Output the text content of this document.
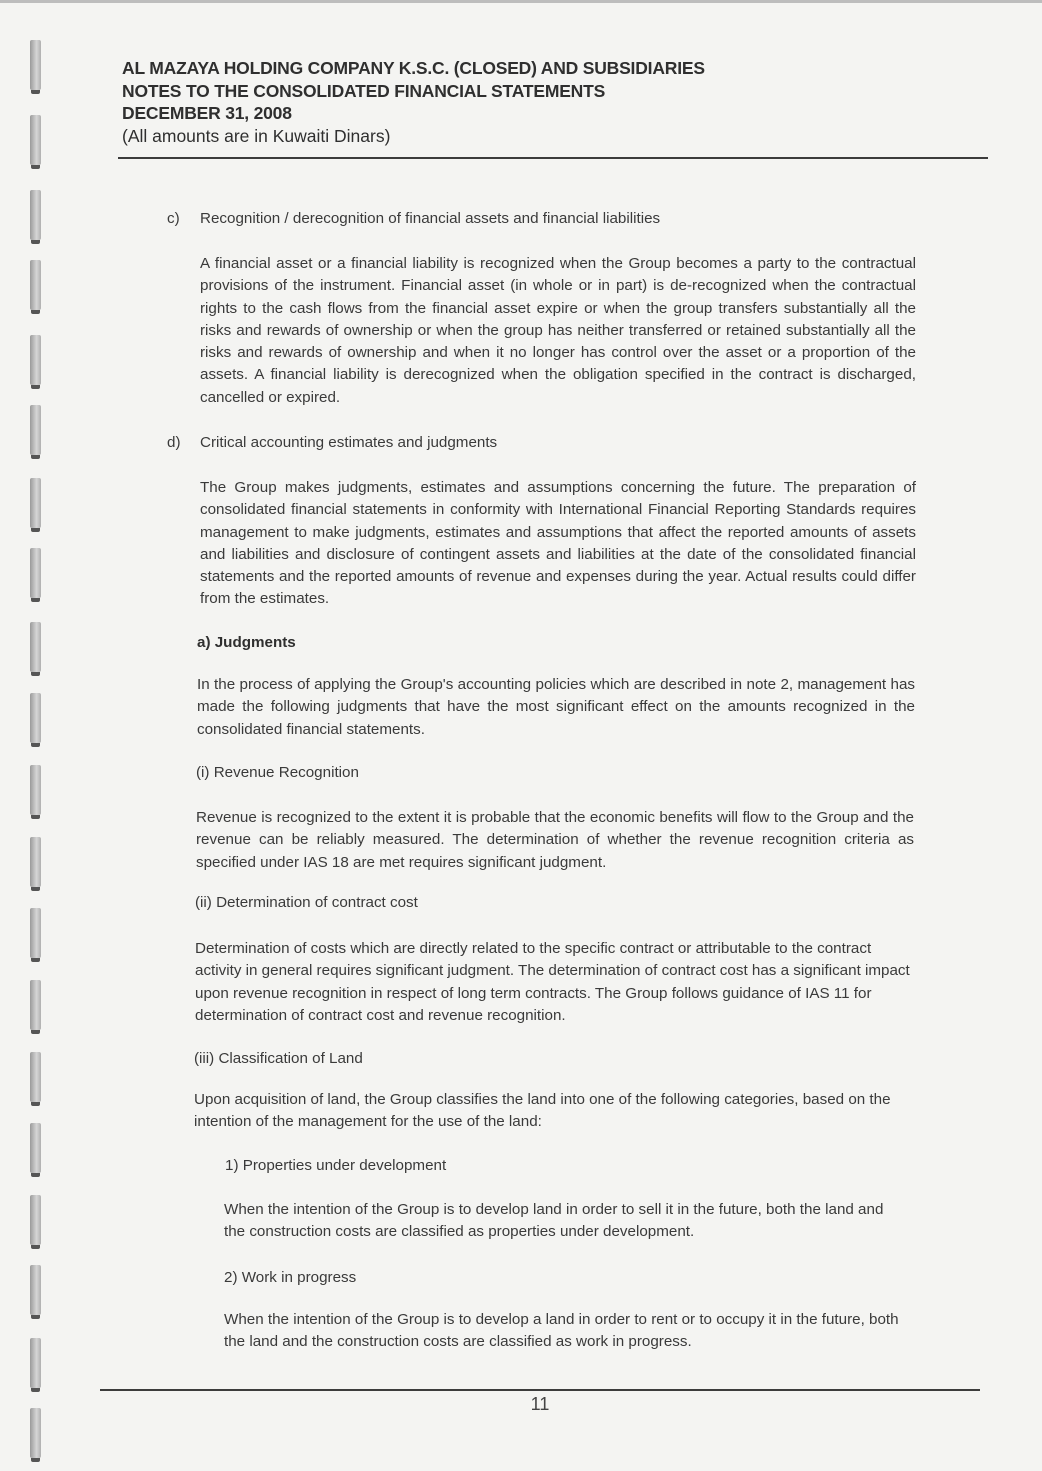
AL MAZAYA HOLDING COMPANY K.S.C. (CLOSED) AND SUBSIDIARIES
NOTES TO THE CONSOLIDATED FINANCIAL STATEMENTS
DECEMBER 31, 2008
(All amounts are in Kuwaiti Dinars)
c) Recognition / derecognition of financial assets and financial liabilities
A financial asset or a financial liability is recognized when the Group becomes a party to the contractual provisions of the instrument. Financial asset (in whole or in part) is de-recognized when the contractual rights to the cash flows from the financial asset expire or when the group transfers substantially all the risks and rewards of ownership or when the group has neither transferred or retained substantially all the risks and rewards of ownership and when it no longer has control over the asset or a proportion of the assets. A financial liability is derecognized when the obligation specified in the contract is discharged, cancelled or expired.
d) Critical accounting estimates and judgments
The Group makes judgments, estimates and assumptions concerning the future. The preparation of consolidated financial statements in conformity with International Financial Reporting Standards requires management to make judgments, estimates and assumptions that affect the reported amounts of assets and liabilities and disclosure of contingent assets and liabilities at the date of the consolidated financial statements and the reported amounts of revenue and expenses during the year. Actual results could differ from the estimates.
a) Judgments
In the process of applying the Group's accounting policies which are described in note 2, management has made the following judgments that have the most significant effect on the amounts recognized in the consolidated financial statements.
(i) Revenue Recognition
Revenue is recognized to the extent it is probable that the economic benefits will flow to the Group and the revenue can be reliably measured. The determination of whether the revenue recognition criteria as specified under IAS 18 are met requires significant judgment.
(ii) Determination of contract cost
Determination of costs which are directly related to the specific contract or attributable to the contract activity in general requires significant judgment. The determination of contract cost has a significant impact upon revenue recognition in respect of long term contracts. The Group follows guidance of IAS 11 for determination of contract cost and revenue recognition.
(iii) Classification of Land
Upon acquisition of land, the Group classifies the land into one of the following categories, based on the intention of the management for the use of the land:
1) Properties under development
When the intention of the Group is to develop land in order to sell it in the future, both the land and the construction costs are classified as properties under development.
2) Work in progress
When the intention of the Group is to develop a land in order to rent or to occupy it in the future, both the land and the construction costs are classified as work in progress.
11
